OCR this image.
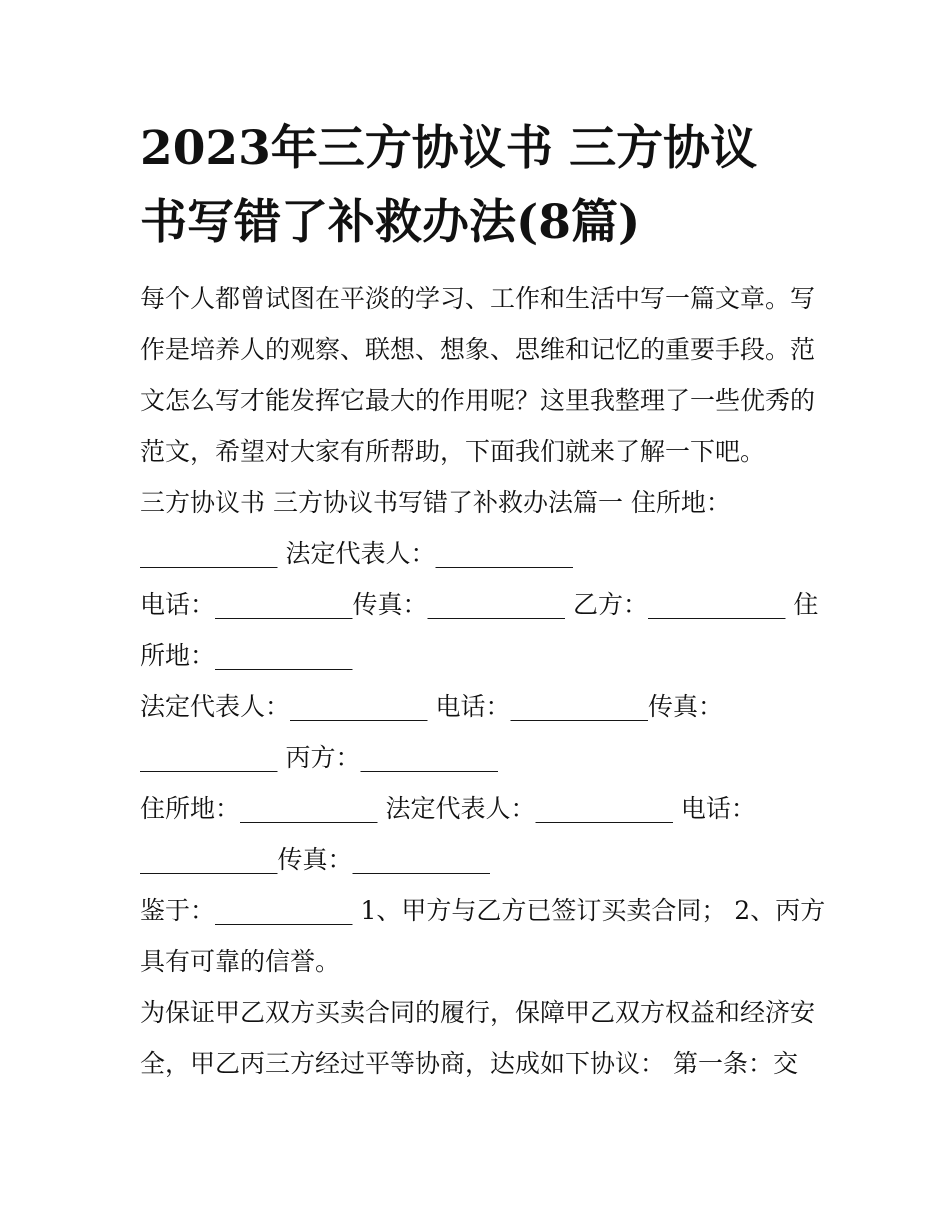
2023年三方协议书 三方协议
书写错了补救办法(8篇)
每个人都曾试图在平淡的学习、工作和生活中写一篇文章。写
作是培养人的观察、联想、想象、思维和记忆的重要手段。范
文怎么写才能发挥它最大的作用呢？这里我整理了一些优秀的
范文，希望对大家有所帮助，下面我们就来了解一下吧。
三方协议书 三方协议书写错了补救办法篇一 住所地：
___________ 法定代表人：___________
电话：___________传真：___________ 乙方：___________ 住
所地：___________
法定代表人：___________ 电话：___________传真：
___________ 丙方：___________
住所地：___________ 法定代表人：___________ 电话：
___________传真：___________
鉴于：___________ 1、甲方与乙方已签订买卖合同； 2、丙方
具有可靠的信誉。
为保证甲乙双方买卖合同的履行，保障甲乙双方权益和经济安
全，甲乙丙三方经过平等协商，达成如下协议： 第一条：交
